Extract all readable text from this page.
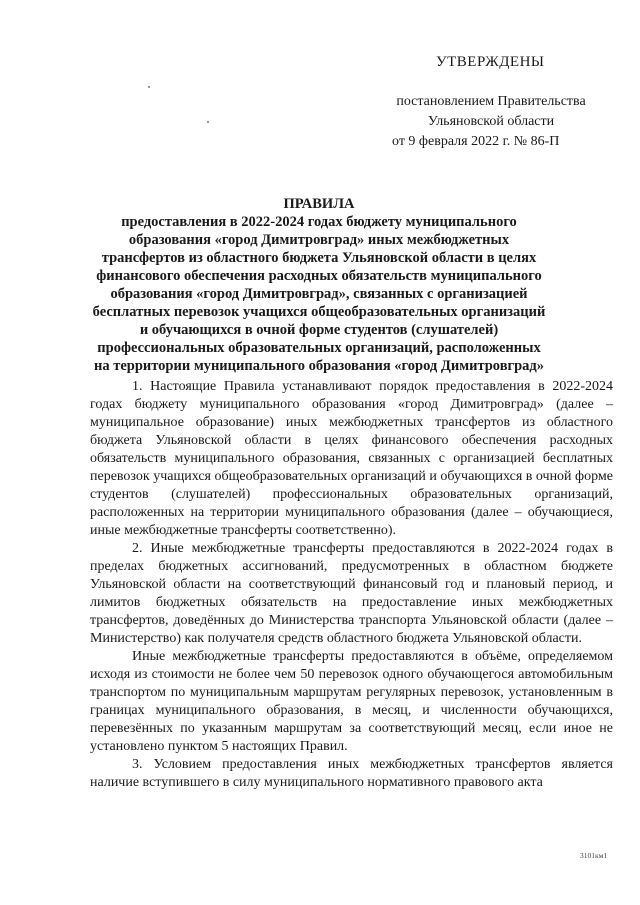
УТВЕРЖДЕНЫ
постановлением Правительства Ульяновской области
от 9 февраля 2022 г. № 86-П
ПРАВИЛА
предоставления в 2022-2024 годах бюджету муниципального образования «город Димитровград» иных межбюджетных трансфертов из областного бюджета Ульяновской области в целях финансового обеспечения расходных обязательств муниципального образования «город Димитровград», связанных с организацией бесплатных перевозок учащихся общеобразовательных организаций и обучающихся в очной форме студентов (слушателей) профессиональных образовательных организаций, расположенных на территории муниципального образования «город Димитровград»

1. Настоящие Правила устанавливают порядок предоставления в 2022-2024 годах бюджету муниципального образования «город Димитровград» (далее – муниципальное образование) иных межбюджетных трансфертов из областного бюджета Ульяновской области в целях финансового обеспечения расходных обязательств муниципального образования, связанных с организацией бесплатных перевозок учащихся общеобразовательных организаций и обучающихся в очной форме студентов (слушателей) профессиональных образовательных организаций, расположенных на территории муниципального образования (далее – обучающиеся, иные межбюджетные трансферты соответственно).

2. Иные межбюджетные трансферты предоставляются в 2022-2024 годах в пределах бюджетных ассигнований, предусмотренных в областном бюджете Ульяновской области на соответствующий финансовый год и плановый период, и лимитов бюджетных обязательств на предоставление иных межбюджетных трансфертов, доведённых до Министерства транспорта Ульяновской области (далее – Министерство) как получателя средств областного бюджета Ульяновской области.

Иные межбюджетные трансферты предоставляются в объёме, определяемом исходя из стоимости не более чем 50 перевозок одного обучающегося автомобильным транспортом по муниципальным маршрутам регулярных перевозок, установленным в границах муниципального образования, в месяц, и численности обучающихся, перевезённых по указанным маршрутам за соответствующий месяц, если иное не установлено пунктом 5 настоящих Правил.

3. Условием предоставления иных межбюджетных трансфертов является наличие вступившего в силу муниципального нормативного правового акта

3101км1
